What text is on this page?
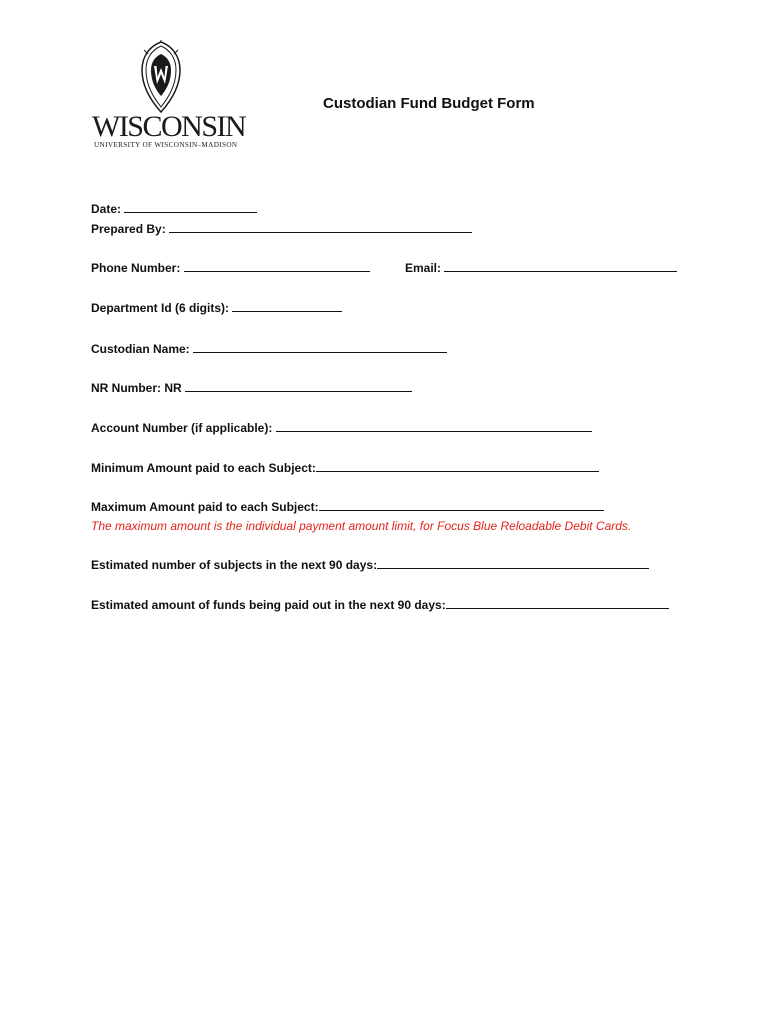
WISCONSIN
UNIVERSITY OF WISCONSIN–MADISON
Custodian Fund Budget Form
Date:
Prepared By:
Phone Number:	Email:
Department Id (6 digits):
Custodian Name:
NR Number: NR
Account Number (if applicable):
Minimum Amount paid to each Subject:
Maximum Amount paid to each Subject:
The maximum amount is the individual payment amount limit, for Focus Blue Reloadable Debit Cards.
Estimated number of subjects in the next 90 days:
Estimated amount of funds being paid out in the next 90 days:
